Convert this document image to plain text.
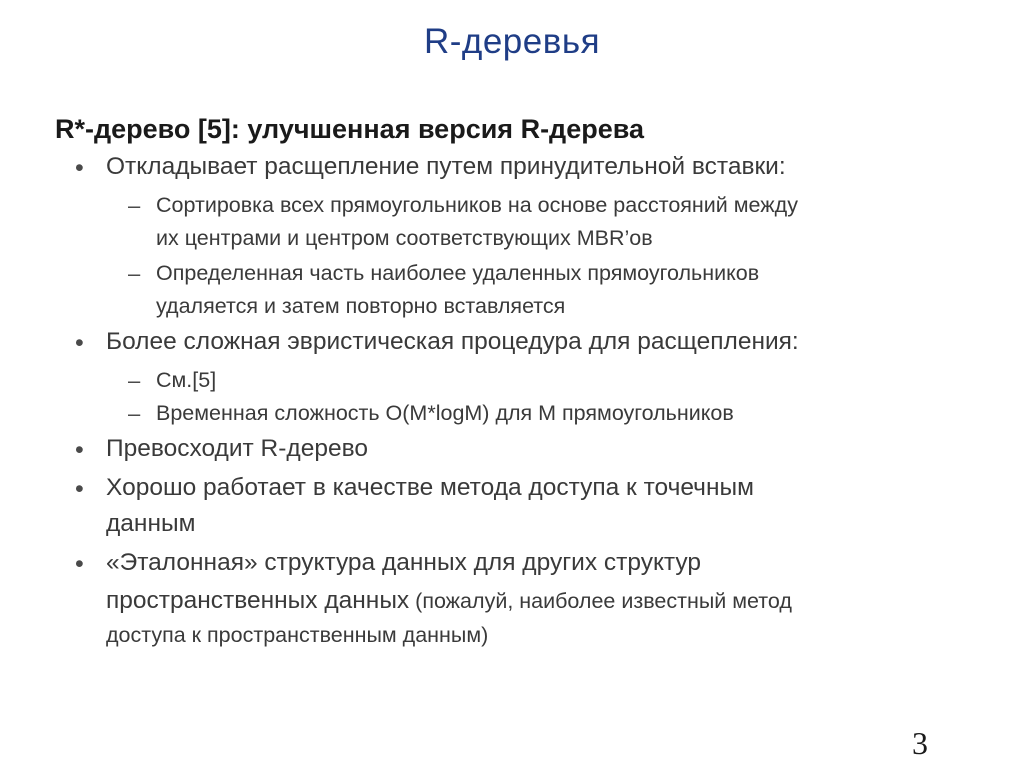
R-деревья
R*-дерево [5]: улучшенная версия R-дерева
• Откладывает расщепление путем принудительной вставки:
– Сортировка всех прямоугольников на основе расстояний между
их центрами и центром соответствующих MBR’ов
– Определенная часть наиболее удаленных прямоугольников
удаляется и затем повторно вставляется
• Более сложная эвристическая процедура для расщепления:
– См.[5]
– Временная сложность O(M*logM) для M прямоугольников
• Превосходит R-дерево
• Хорошо работает в качестве метода доступа к точечным
данным
• «Эталонная» структура данных для других структур
пространственных данных (пожалуй, наиболее известный метод
доступа к пространственным данным)
3
